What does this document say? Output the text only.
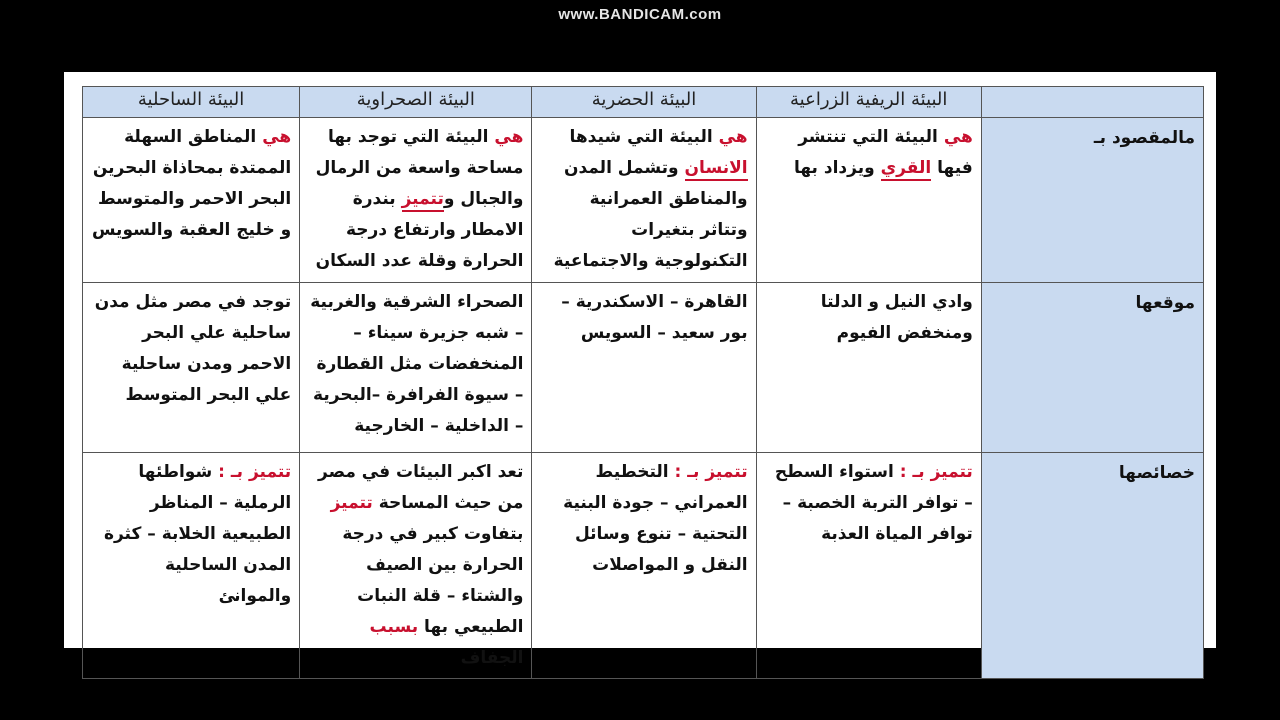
www.BANDICAM.com
	البيئة الريفية الزراعية	البيئة الحضرية	البيئة الصحراوية	البيئة الساحلية
مالمقصود بـ	هي البيئة التي تنتشر فيها القري ويزداد بها	هي البيئة التي شيدها الانسان وتشمل المدن والمناطق العمرانية وتتاثر بتغيرات التكنولوجية والاجتماعية	هي البيئة التي توجد بها مساحة واسعة من الرمال والجبال وتتميز بندرة الامطار وارتفاع درجة الحرارة وقلة عدد السكان	هي المناطق السهلة الممتدة بمحاذاة البحرين البحر الاحمر والمتوسط و خليج العقبة والسويس
موقعها	وادي النيل و الدلتا ومنخفض الفيوم	القاهرة – الاسكندرية – بور سعيد – السويس	الصحراء الشرقية والغربية – شبه جزيرة سيناء – المنخفضات مثل القطارة – سيوة الفرافرة –البحرية – الداخلية – الخارجية	توجد في مصر مثل مدن ساحلية علي البحر الاحمر ومدن ساحلية علي البحر المتوسط
خصائصها	تتميز بـ : استواء السطح – توافر التربة الخصبة – توافر المياة العذبة	تتميز بـ : التخطيط العمراني – جودة البنية التحتية – تنوع وسائل النقل و المواصلات	تعد اكبر البيئات في مصر من حيث المساحة تتميز بتفاوت كبير في درجة الحرارة بين الصيف والشتاء – قلة النبات الطبيعي بها بسبب الجفاف	تتميز بـ : شواطئها الرملية – المناظر الطبيعية الخلابة – كثرة المدن الساحلية والموانئ
